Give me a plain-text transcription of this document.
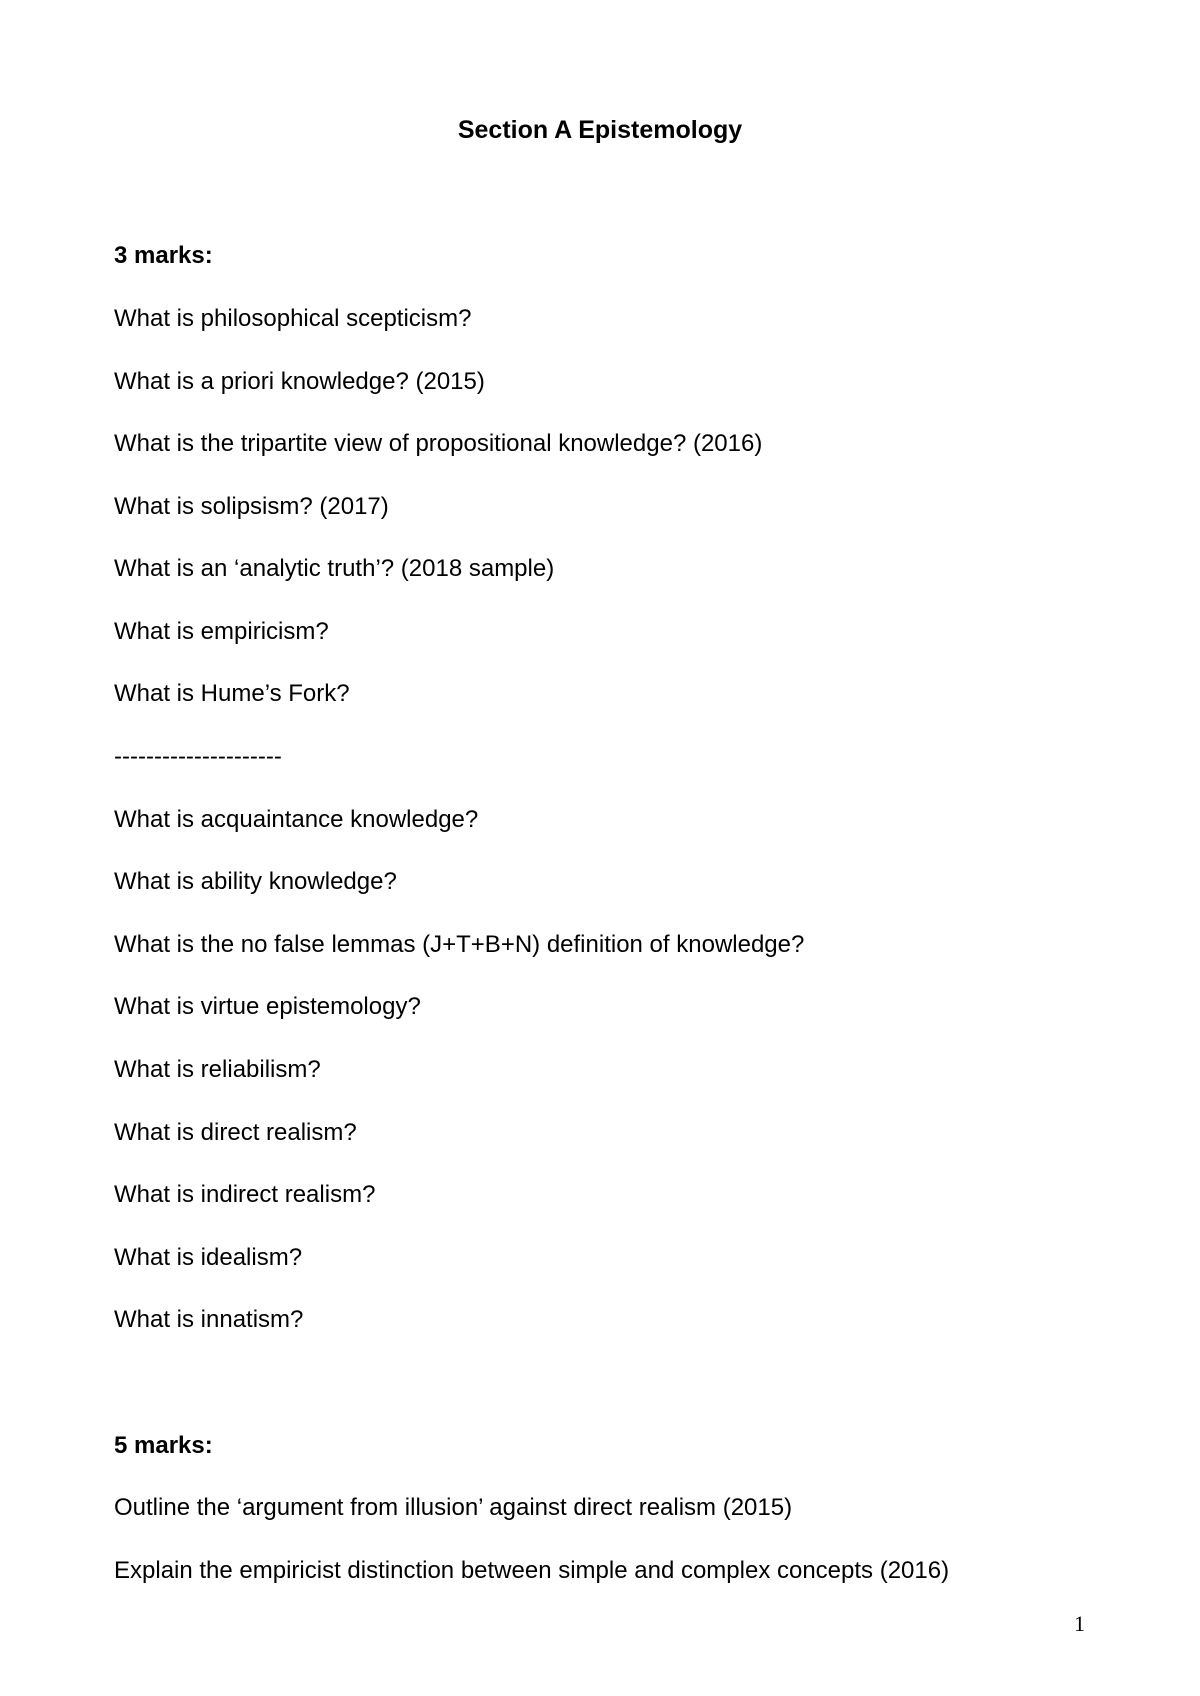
Section A Epistemology
3 marks:
What is philosophical scepticism?
What is a priori knowledge? (2015)
What is the tripartite view of propositional knowledge? (2016)
What is solipsism? (2017)
What is an ‘analytic truth’? (2018 sample)
What is empiricism?
What is Hume’s Fork?
---------------------
What is acquaintance knowledge?
What is ability knowledge?
What is the no false lemmas (J+T+B+N) definition of knowledge?
What is virtue epistemology?
What is reliabilism?
What is direct realism?
What is indirect realism?
What is idealism?
What is innatism?
5 marks:
Outline the ‘argument from illusion’ against direct realism (2015)
Explain the empiricist distinction between simple and complex concepts (2016)
1
